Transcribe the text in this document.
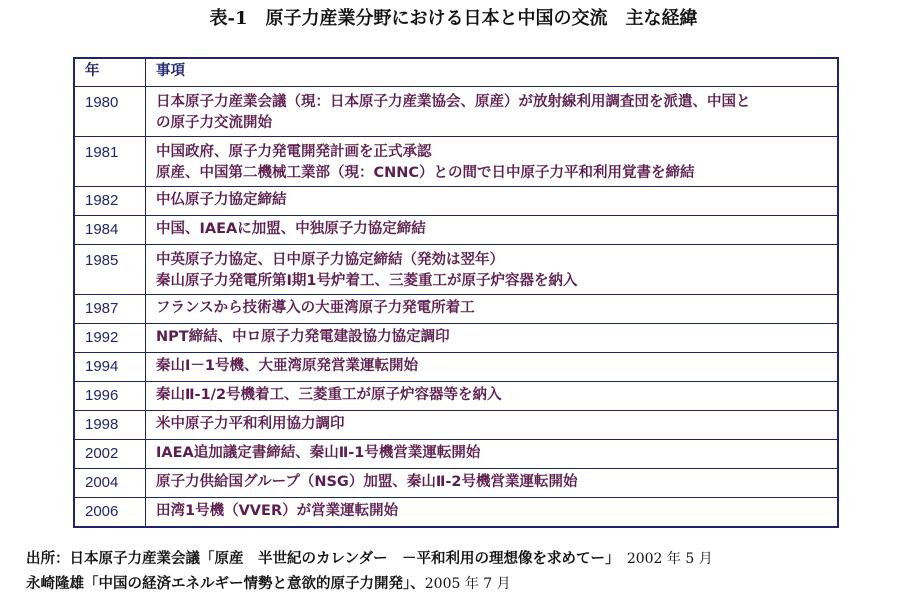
表-1　原子力産業分野における日本と中国の交流　主な経緯
年	事項
1980	日本原子力産業会議（現：日本原子力産業協会、原産）が放射線利用調査団を派遣、中国と
の原子力交流開始

1981	中国政府、原子力発電開発計画を正式承認
原産、中国第二機械工業部（現：CNNC）との間で日中原子力平和利用覚書を締結

1982	中仏原子力協定締結

1984	中国、IAEAに加盟、中独原子力協定締結

1985	中英原子力協定、日中原子力協定締結（発効は翌年）
秦山原子力発電所第Ⅰ期1号炉着工、三菱重工が原子炉容器を納入

1987	フランスから技術導入の大亜湾原子力発電所着工

1992	NPT締結、中ロ原子力発電建設協力協定調印

1994	秦山Ⅰ－1号機、大亜湾原発営業運転開始

1996	秦山Ⅱ-1/2号機着工、三菱重工が原子炉容器等を納入

1998	米中原子力平和利用協力調印

2002	IAEA追加議定書締結、秦山Ⅱ-1号機営業運転開始

2004	原子力供給国グループ（NSG）加盟、秦山Ⅱ-2号機営業運転開始

2006	田湾1号機（VVER）が営業運転開始
出所：日本原子力産業会議「原産　半世紀のカレンダー　－平和利用の理想像を求めてー」　2002 年 5 月
永崎隆雄「中国の経済エネルギー情勢と意欲的原子力開発」、2005 年 7 月
